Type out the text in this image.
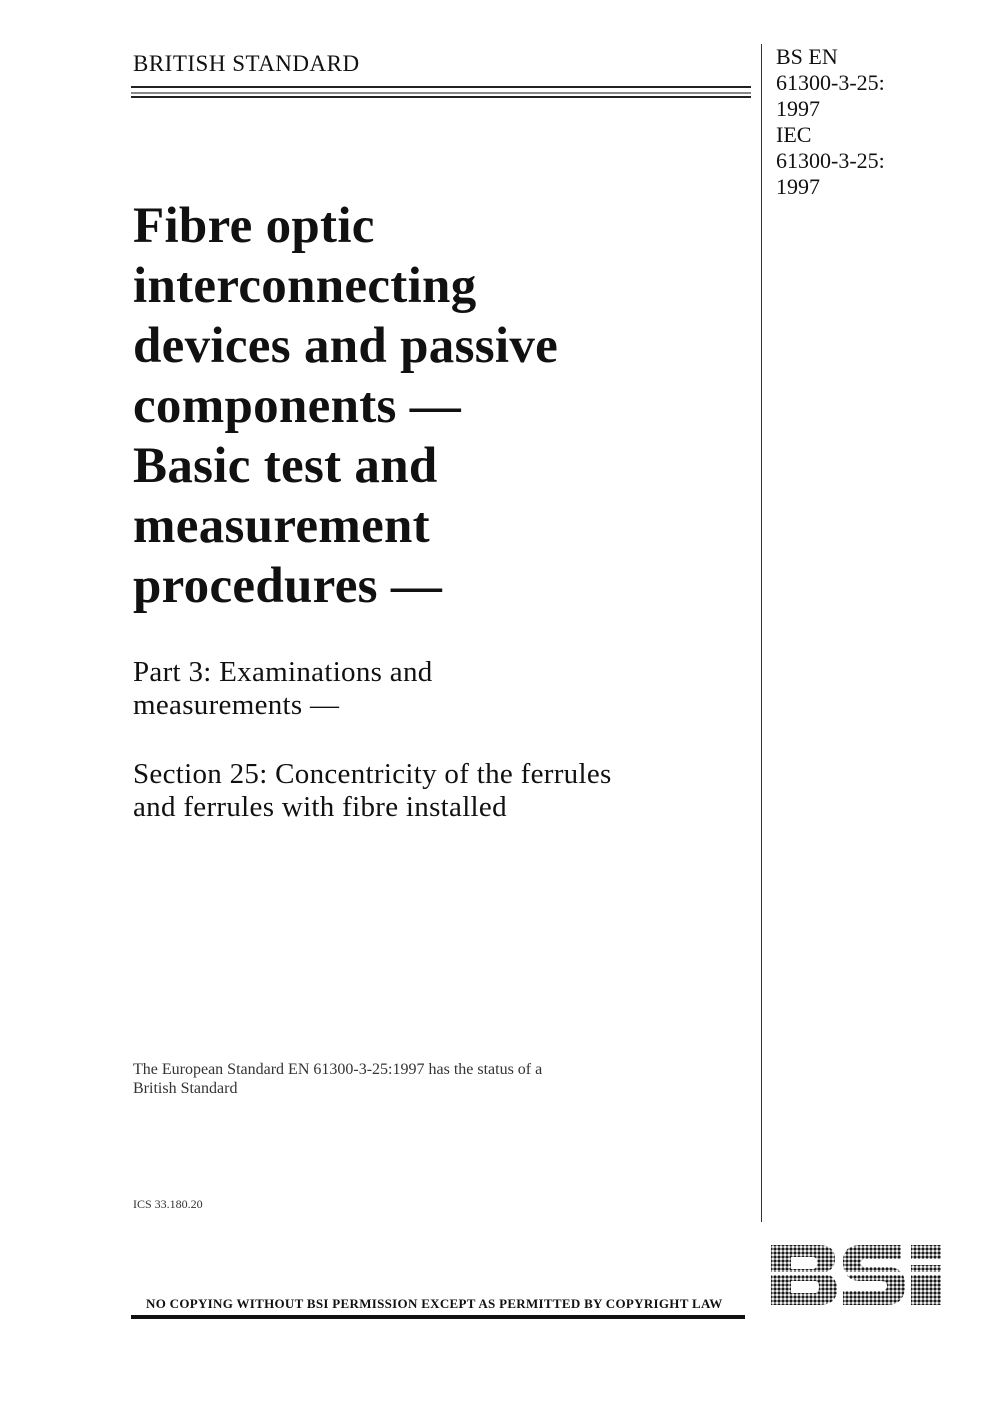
BRITISH STANDARD	BS EN
61300-3-25:
1997
IEC
61300-3-25:
1997
Fibre optic
interconnecting
devices and passive
components —
Basic test and
measurement
procedures —
Part 3: Examinations and
measurements —
Section 25: Concentricity of the ferrules
and ferrules with fibre installed
The European Standard EN 61300-3-25:1997 has the status of a
British Standard
ICS 33.180.20
NO COPYING WITHOUT BSI PERMISSION EXCEPT AS PERMITTED BY COPYRIGHT LAW
